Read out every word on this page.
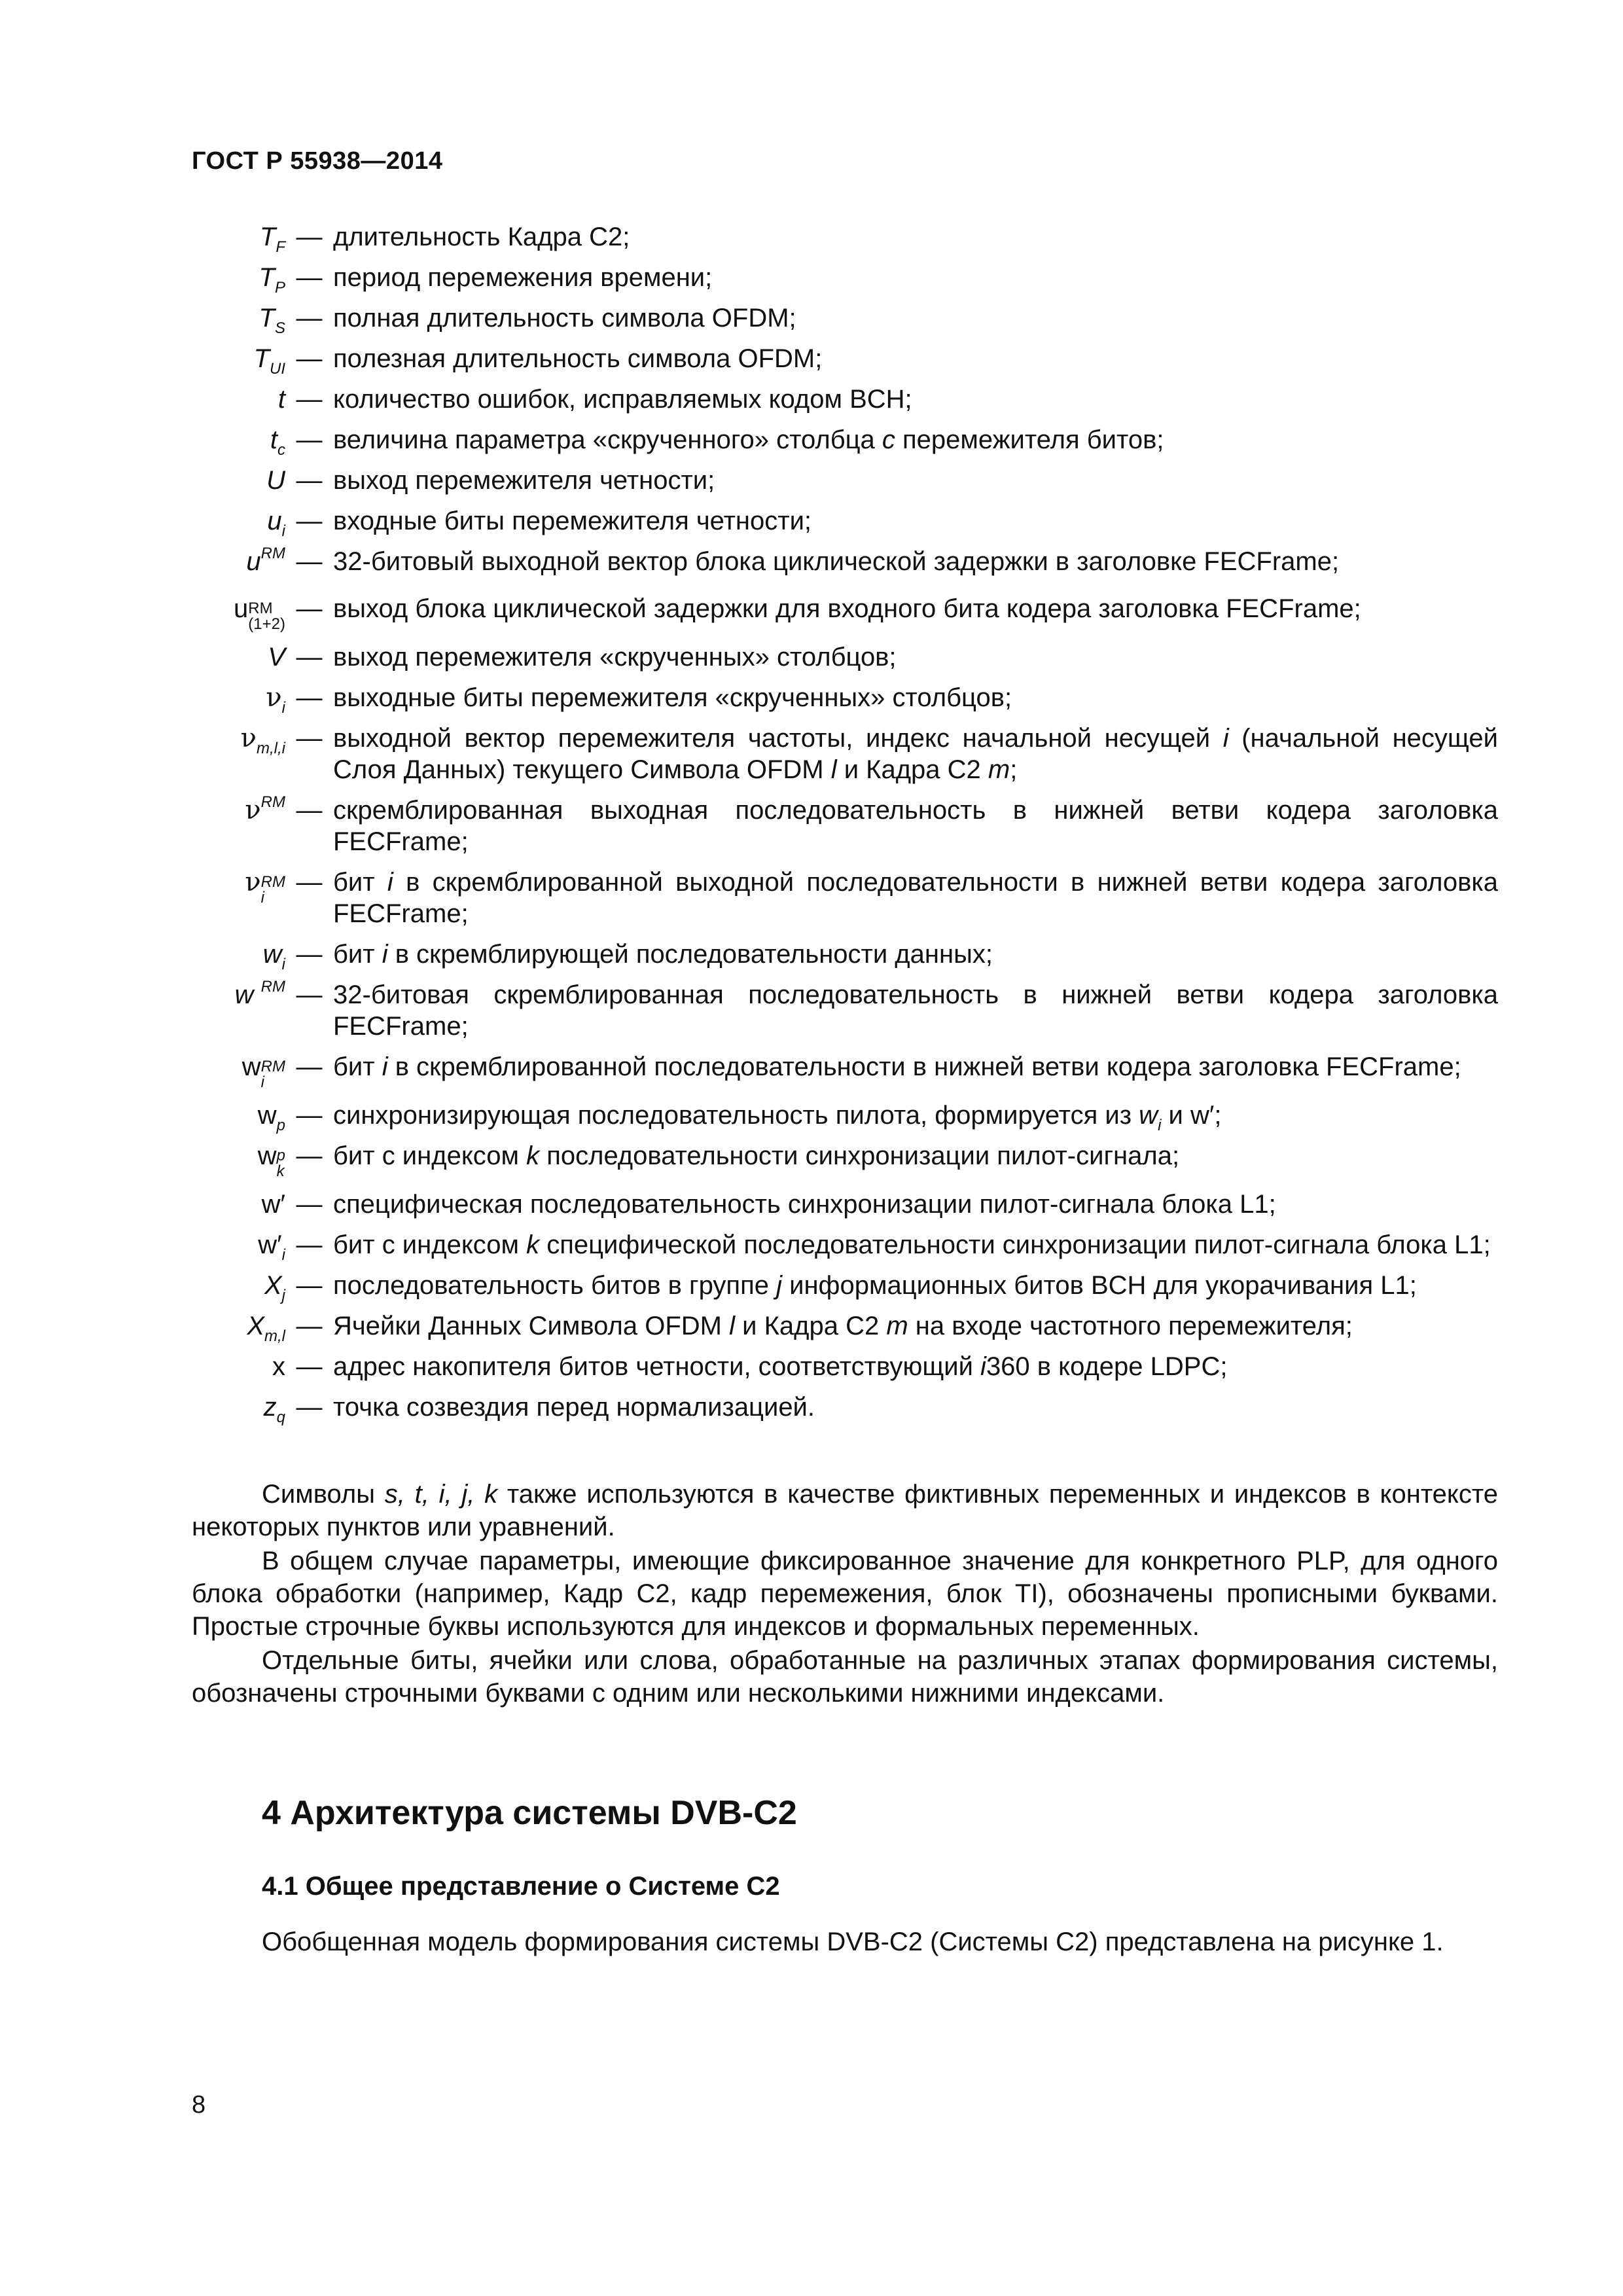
ГОСТ Р 55938—2014
$T_F$ — длительность Кадра C2;
$T_P$ — период перемежения времени;
$T_S$ — полная длительность символа OFDM;
$T_{UI}$ — полезная длительность символа OFDM;
t — количество ошибок, исправляемых кодом BCH;
$t_c$ — величина параметра «скрученного» столбца c перемежителя битов;
U — выход перемежителя четности;
$u_i$ — входные биты перемежителя четности;
$u^{RM}$ — 32-битовый выходной вектор блока циклической задержки в заголовке FECFrame;
u RM
(1+2)
— выход блока циклической задержки для входного бита кодера заголовка FECFrame;
V — выход перемежителя «скрученных» столбцов;
$\nu_i$ — выходные биты перемежителя «скрученных» столбцов;
$\nu_{m,l,i}$ — выходной вектор перемежителя частоты, индекс начальной несущей i (начальной несущей Слоя Данных) текущего Символа OFDM l и Кадра C2 m;
$\nu^{RM}$ — скремблированная выходная последовательность в нижней ветви кодера заголовка FECFrame;
ν RM
i
— бит i в скремблированной выходной последовательности в нижней ветви кодера заголовка FECFrame;
$w_i$ — бит i в скремблирующей последовательности данных;
w $^{RM}$ — 32-битовая скремблированная последовательность в нижней ветви кодера заголовка FECFrame;
w RM
i
— бит i в скремблированной последовательности в нижней ветви кодера заголовка FECFrame;
$w_p$ — синхронизирующая последовательность пилота, формируется из $w_i$ и w′;
w p
k
— бит с индексом k последовательности синхронизации пилот-сигнала;
w′ — специфическая последовательность синхронизации пилот-сигнала блока L1;
$w'_i$ — бит с индексом k специфической последовательности синхронизации пилот-сигнала блока L1;
$X_j$ — последовательность битов в группе j информационных битов BCH для укорачивания L1;
$X_{m,l}$ — Ячейки Данных Символа OFDM l и Кадра C2 m на входе частотного перемежителя;
x — адрес накопителя битов четности, соответствующий i360 в кодере LDPC;
$z_q$ — точка созвездия перед нормализацией.

Символы s, t, i, j, k также используются в качестве фиктивных переменных и индексов в контексте некоторых пунктов или уравнений.

В общем случае параметры, имеющие фиксированное значение для конкретного PLP, для одного блока обработки (например, Кадр C2, кадр перемежения, блок TI), обозначены прописными буквами. Простые строчные буквы используются для индексов и формальных переменных.

Отдельные биты, ячейки или слова, обработанные на различных этапах формирования системы, обозначены строчными буквами с одним или несколькими нижними индексами.

4 Архитектура системы DVB-C2
4.1 Общее представление о Системе C2
Обобщенная модель формирования системы DVB-C2 (Системы C2) представлена на рисунке 1.
8
